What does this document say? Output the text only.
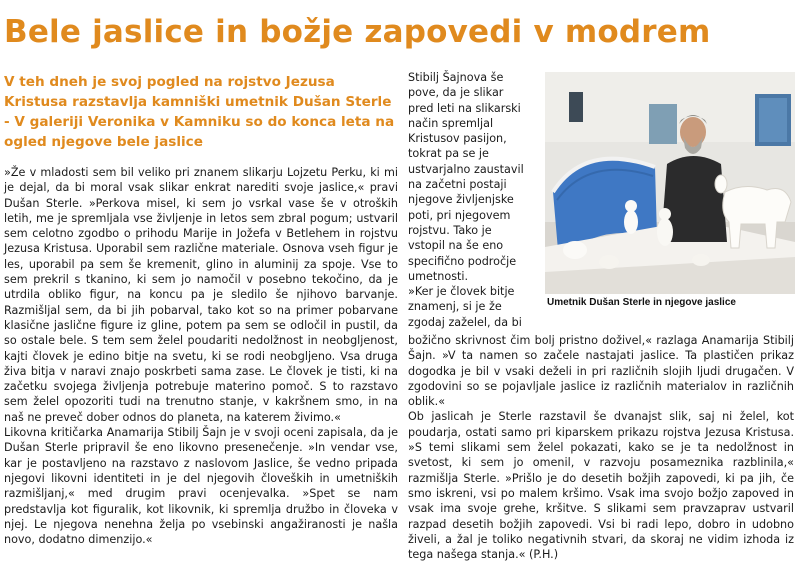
Bele jaslice in božje zapovedi v modrem
V teh dneh je svoj pogled na rojstvo Jezusa Kristusa razstavlja kamniški umetnik Dušan Sterle - V galeriji Veronika v Kamniku so do konca leta na ogled njegove bele jaslice

»Že v mladosti sem bil veliko pri znanem slikarju Lojzetu Perku, ki mi je dejal, da bi moral vsak slikar enkrat narediti svoje jaslice,« pravi Dušan Sterle. »Perkova misel, ki sem jo vsrkal vase še v otroških letih, me je spremljala vse življenje in letos sem zbral pogum; ustvaril sem celotno zgodbo o prihodu Marije in Jožefa v Betlehem in rojstvu Jezusa Kristusa. Uporabil sem različne materiale. Osnova vseh figur je les, uporabil pa sem še kremenit, glino in aluminij za spoje. Vse to sem prekril s tkanino, ki sem jo namočil v posebno tekočino, da je utrdila obliko figur, na koncu pa je sledilo še njihovo barvanje. Razmišljal sem, da bi jih pobarval, tako kot so na primer pobarvane klasične jaslične figure iz gline, potem pa sem se odločil in pustil, da so ostale bele. S tem sem želel poudariti nedolžnost in neobgljenost, kajti človek je edino bitje na svetu, ki se rodi neobgljeno. Vsa druga živa bitja v naravi znajo poskrbeti sama zase. Le človek je tisti, ki na začetku svojega življenja potrebuje materino pomoč. S to razstavo sem želel opozoriti tudi na trenutno stanje, v kakršnem smo, in na naš ne preveč dober odnos do planeta, na katerem živimo.«

Likovna kritičarka Anamarija Stibilj Šajn je v svoji oceni zapisala, da je Dušan Sterle pripravil še eno likovno presenečenje. »In vendar vse, kar je postavljeno na razstavo z naslovom Jaslice, še vedno pripada njegovi likovni identiteti in je del njegovih človeških in umetniških razmišljanj,« med drugim pravi ocenjevalka. »Spet se nam predstavlja kot figuralik, kot likovnik, ki spremlja družbo in človeka v njej. Le njegova nenehna želja po vsebinski angažiranosti je našla novo, dodatno dimenzijo.«

Stibilj Šajnova še pove, da je slikar pred leti na slikarski način spremljal Kristusov pasijon, tokrat pa se je ustvarjalno zaustavil na začetni postaji njegove življenjske poti, pri njegovem rojstvu. Tako je vstopil na še eno specifično področje umetnosti.

»Ker je človek bitje znamenj, si je že zgodaj zaželel, da bi

Umetnik Dušan Sterle in njegove jaslice

božično skrivnost čim bolj pristno doživel,« razlaga Anamarija Stibilj Šajn. »V ta namen so začele nastajati jaslice. Ta plastičen prikaz dogodka je bil v vsaki deželi in pri različnih slojih ljudi drugačen. V zgodovini so se pojavljale jaslice iz različnih materialov in različnih oblik.«

Ob jaslicah je Sterle razstavil še dvanajst slik, saj ni želel, kot poudarja, ostati samo pri kiparskem prikazu rojstva Jezusa Kristusa. »S temi slikami sem želel pokazati, kako se je ta nedolžnost in svetost, ki sem jo omenil, v razvoju posameznika razblinila,« razmišlja Sterle. »Prišlo je do desetih božjih zapovedi, ki pa jih, če smo iskreni, vsi po malem kršimo. Vsak ima svojo božjo zapoved in vsak ima svoje grehe, kršitve. S slikami sem pravzaprav ustvaril razpad desetih božjih zapovedi. Vsi bi radi lepo, dobro in udobno živeli, a žal je toliko negativnih stvari, da skoraj ne vidim izhoda iz tega našega stanja.« (P.H.)
